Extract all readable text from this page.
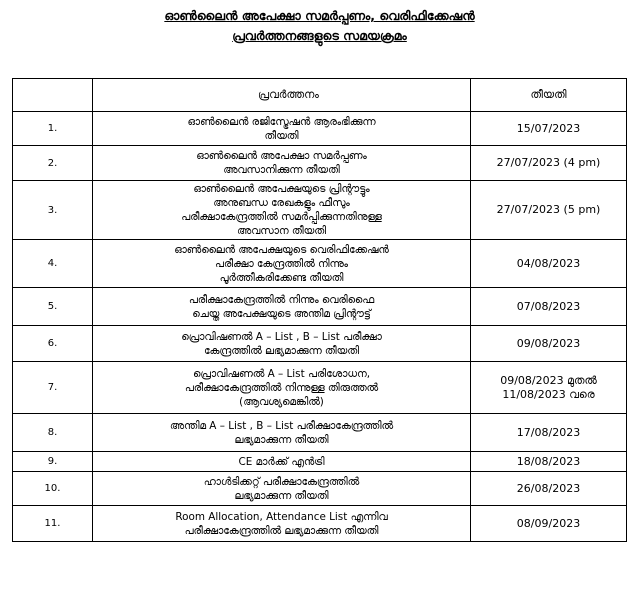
ഓൺലൈൻ അപേക്ഷാ സമർപ്പണം, വെരിഫിക്കേഷൻ
പ്രവർത്തനങ്ങളുടെ സമയക്രമം
	പ്രവർത്തനം	തീയതി
1.	ഓൺലൈൻ രജിസ്ട്രേഷൻ ആരംഭിക്കുന്ന
തീയതി	15/07/2023
2.	ഓൺലൈൻ അപേക്ഷാ സമർപ്പണം
അവസാനിക്കുന്ന തീയതി	27/07/2023 (4 pm)
3.	ഓൺലൈൻ അപേക്ഷയുടെ പ്രിന്റൗട്ടും
അനുബന്ധ രേഖകളും ഫീസും
പരീക്ഷാകേന്ദ്രത്തിൽ സമർപ്പിക്കുന്നതിനുള്ള
അവസാന തീയതി	27/07/2023 (5 pm)
4.	ഓൺലൈൻ അപേക്ഷയുടെ വെരിഫിക്കേഷൻ
പരീക്ഷാ കേന്ദ്രത്തിൽ നിന്നും
പൂർത്തീകരിക്കേണ്ട തീയതി	04/08/2023
5.	പരീക്ഷാകേന്ദ്രത്തിൽ നിന്നും വെരിഫൈ
ചെയ്ത അപേക്ഷയുടെ അന്തിമ പ്രിന്റൗട്ട്	07/08/2023
6.	പ്രൊവിഷണൽ A – List , B – List പരീക്ഷാ
കേന്ദ്രത്തിൽ ലഭ്യമാക്കുന്ന തീയതി	09/08/2023
7.	പ്രൊവിഷണൽ A – List പരിശോധന,
പരീക്ഷാകേന്ദ്രത്തിൽ നിന്നുള്ള തിരുത്തൽ
(ആവശ്യമെങ്കിൽ)	09/08/2023 മുതൽ
11/08/2023 വരെ
8.	അന്തിമ A – List , B – List പരീക്ഷാകേന്ദ്രത്തിൽ
ലഭ്യമാക്കുന്ന തീയതി	17/08/2023
9.	CE മാർക്ക് എൻട്രി	18/08/2023
10.	ഹാൾടിക്കറ്റ് പരീക്ഷാകേന്ദ്രത്തിൽ
ലഭ്യമാക്കുന്ന തീയതി	26/08/2023
11.	Room Allocation, Attendance List എന്നിവ
പരീക്ഷാകേന്ദ്രത്തിൽ ലഭ്യമാക്കുന്ന തീയതി	08/09/2023
